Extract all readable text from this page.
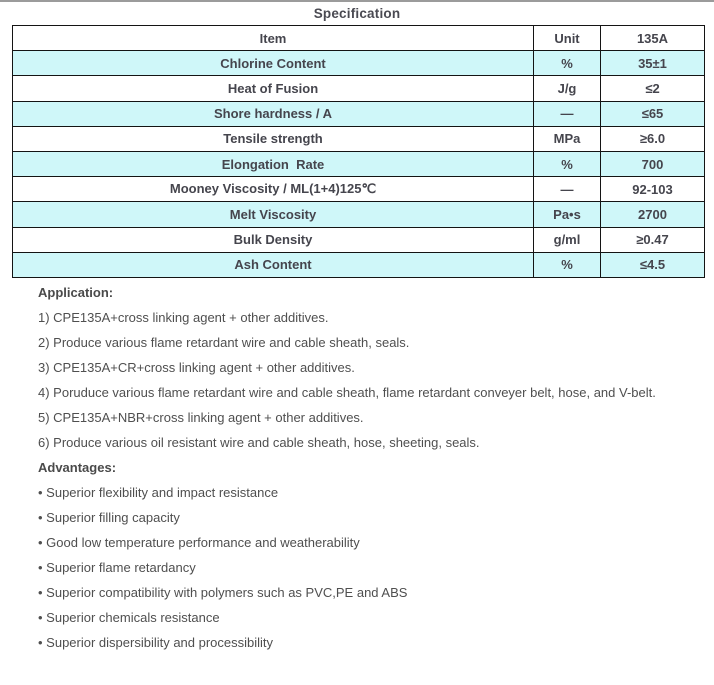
Specification
Item	Unit	135A
Chlorine Content	%	35±1
Heat of Fusion	J/g	≤2
Shore hardness / A	—	≤65
Tensile strength	MPa	≥6.0
Elongation  Rate	%	700
Mooney Viscosity / ML(1+4)125℃	—	92-103
Melt Viscosity	Pa•s	2700
Bulk Density	g/ml	≥0.47
Ash Content	%	≤4.5

Application:

1) CPE135A+cross linking agent + other additives.

2) Produce various flame retardant wire and cable sheath, seals.

3) CPE135A+CR+cross linking agent + other additives.

4) Poruduce various flame retardant wire and cable sheath, flame retardant conveyer belt, hose, and V-belt.

5) CPE135A+NBR+cross linking agent + other additives.

6) Produce various oil resistant wire and cable sheath, hose, sheeting, seals.

Advantages:

• Superior flexibility and impact resistance

• Superior filling capacity

• Good low temperature performance and weatherability

• Superior flame retardancy

• Superior compatibility with polymers such as PVC,PE and ABS

• Superior chemicals resistance

• Superior dispersibility and processibility
